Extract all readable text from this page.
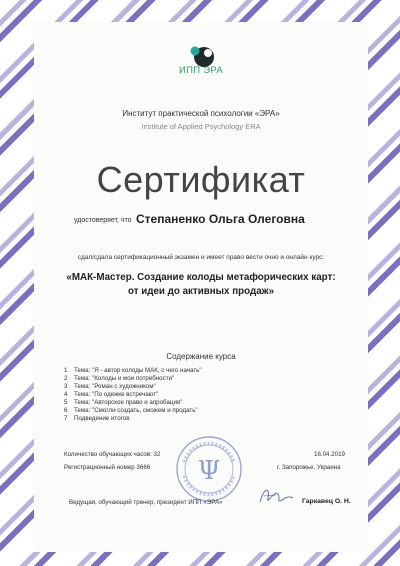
ИПП ЭРА
Институт практической психологии «ЭРА»
Institute of Applied Psychology ERA
Сертификат
удостоверяет, что Степаненко Ольга Олеговна
сдал/сдала сертификационный экзамен и имеет право вести очно и онлайн курс:
«МАК-Мастер. Создание колоды метафорических карт:
от идеи до активных продаж»
Содержание курса
1 Тема: "Я - автор колоды МАК, с чего начать"
2 Тема: "Колоды и мои потребности"
3 Тема: "Роман с художником"
4 Тема: "По одежке встречают"
5 Тема: "Авторское право и апробация"
6 Тема: "Смогли создать, сможем и продать"
7 Подведение итогов
Количество обучающих часов: 32
Регистрационный номер 3666
16.04.2019
г. Запорожье, Украина
Ψ
Ведущая, обучающий тренер, президент ИПП «ЭРА»	Гаркавец О. Н.
